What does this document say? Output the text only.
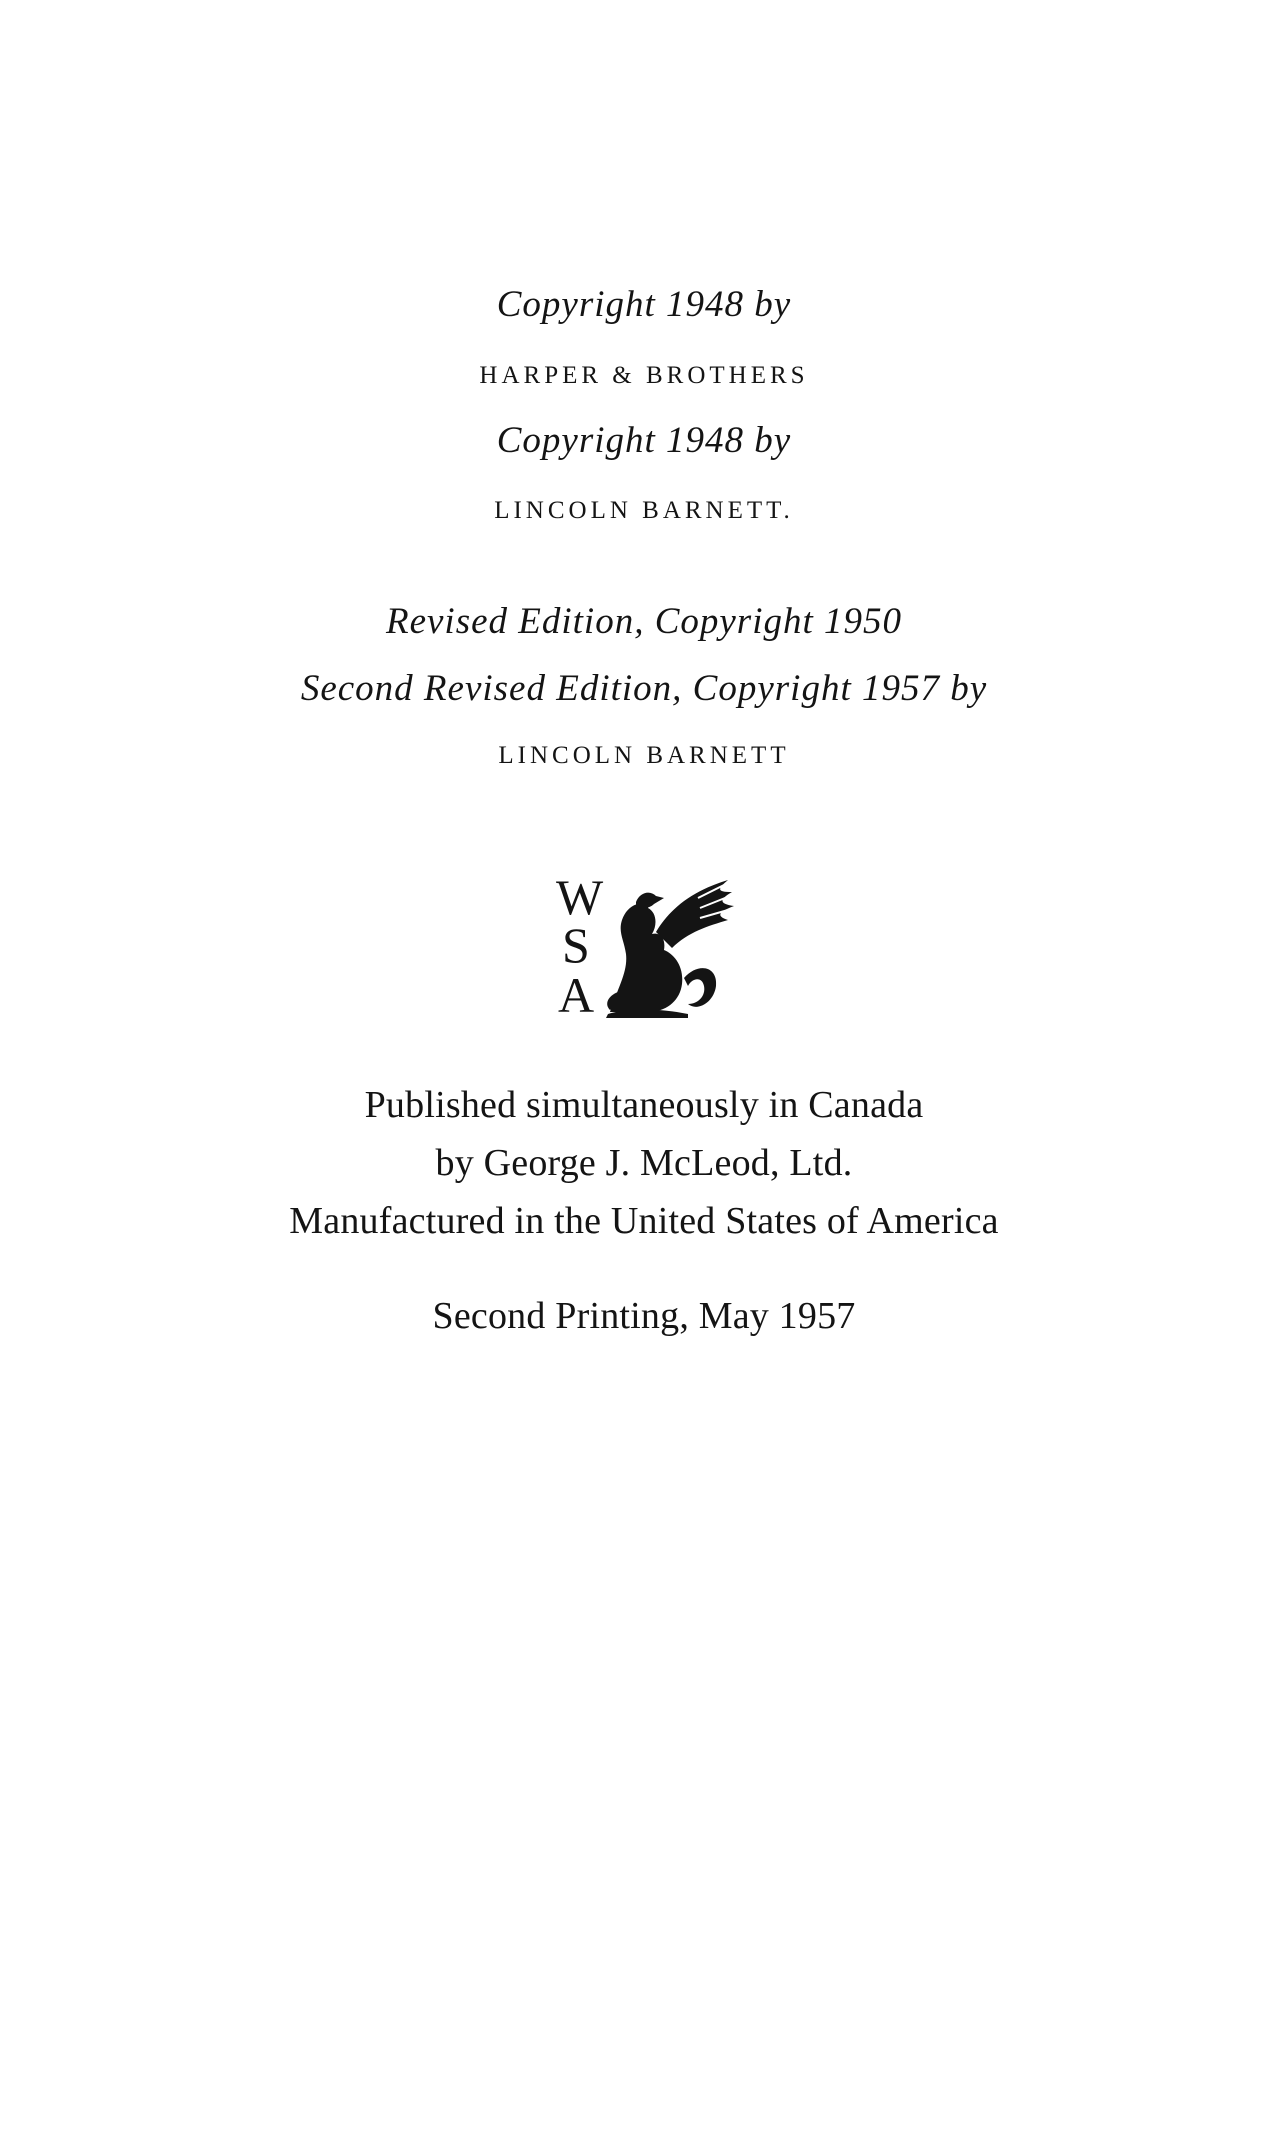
Copyright 1948 by
HARPER & BROTHERS
Copyright 1948 by
LINCOLN BARNETT.
Revised Edition, Copyright 1950
Second Revised Edition, Copyright 1957 by
LINCOLN BARNETT
W
S
A
Published simultaneously in Canada
by George J. McLeod, Ltd.
Manufactured in the United States of America
Second Printing, May 1957
